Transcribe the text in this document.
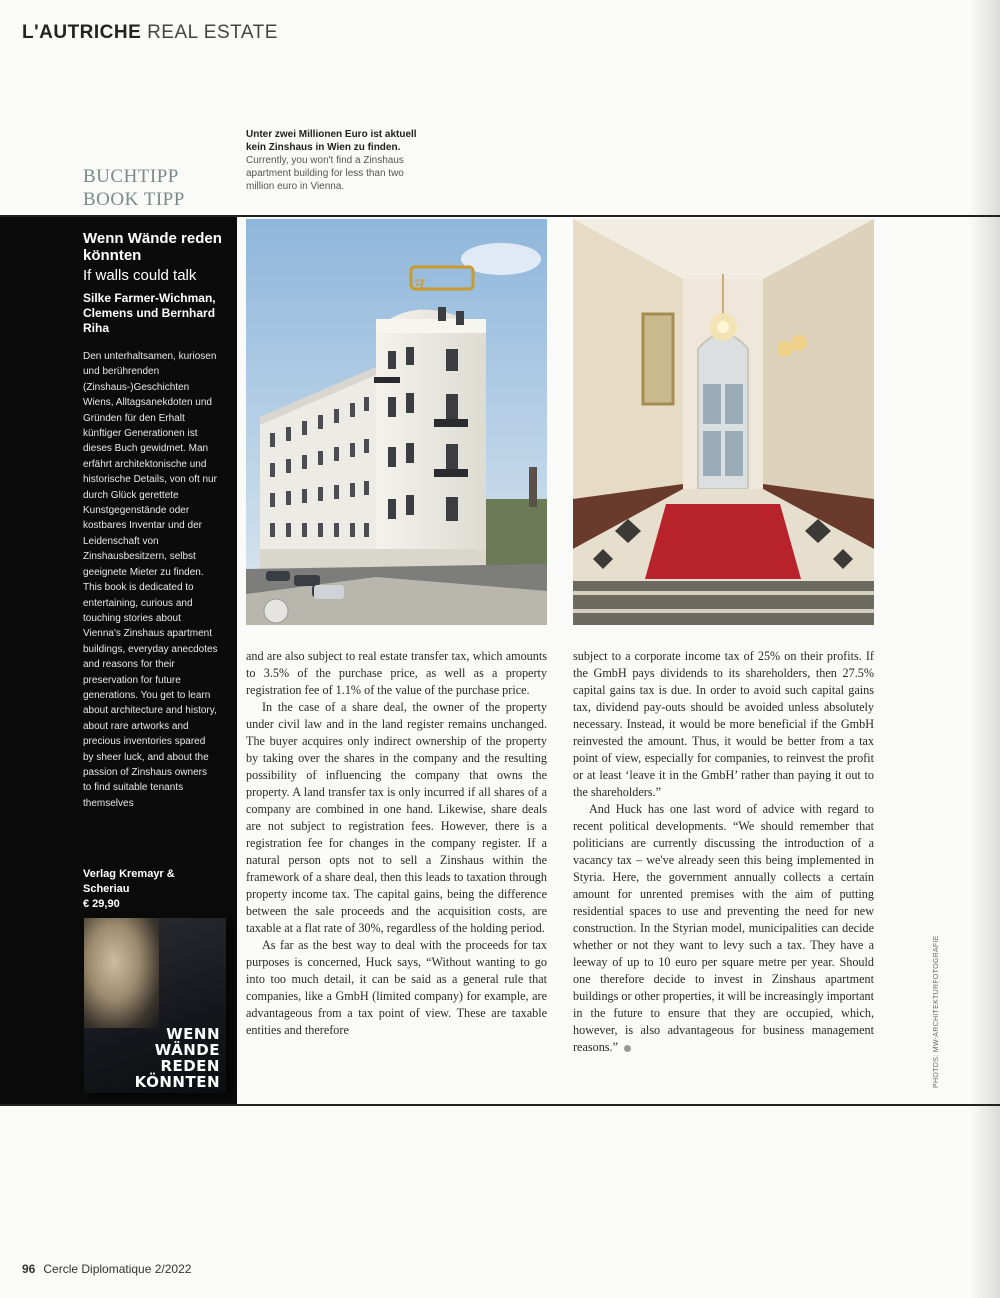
L'AUTRICHE REAL ESTATE
BUCHTIPP
BOOK TIPP
Unter zwei Millionen Euro ist aktuell kein Zinshaus in Wien zu finden.
Currently, you won't find a Zinshaus apartment building for less than two million euro in Vienna.
Wenn Wände reden könnten
If walls could talk
Silke Farmer-Wichman, Clemens und Bernhard Riha

Den unterhaltsamen, kuriosen und berührenden (Zinshaus-)Geschichten Wiens, Alltagsanekdoten und Gründen für den Erhalt künftiger Generationen ist dieses Buch gewidmet. Man erfährt architektonische und historische Details, von oft nur durch Glück gerettete Kunstgegenstände oder kostbares Inventar und der Leidenschaft von Zinshausbesitzern, selbst geeignete Mieter zu finden.

This book is dedicated to entertaining, curious and touching stories about Vienna's Zinshaus apartment buildings, everyday anecdotes and reasons for their preservation for future generations. You get to learn about architecture and history, about rare artworks and precious inventories spared by sheer luck, and about the passion of Zinshaus owners to find suitable tenants themselves

Verlag Kremayr & Scheriau
€ 29,90
WENN
WÄNDE
REDEN
KÖNNTEN
ꟻ

and are also subject to real estate transfer tax, which amounts to 3.5% of the purchase price, as well as a property registration fee of 1.1% of the value of the purchase price.

In the case of a share deal, the owner of the property under civil law and in the land register remains unchanged. The buyer acquires only indirect ownership of the property by taking over the shares in the company and the resulting possibility of influencing the company that owns the property. A land transfer tax is only incurred if all shares of a company are combined in one hand. Likewise, share deals are not subject to registration fees. However, there is a registration fee for changes in the company register. If a natural person opts not to sell a Zinshaus within the framework of a share deal, then this leads to taxation through property income tax. The capital gains, being the difference between the sale proceeds and the acquisition costs, are taxable at a flat rate of 30%, regardless of the holding period.

As far as the best way to deal with the proceeds for tax purposes is concerned, Huck says, “Without wanting to go into too much detail, it can be said as a general rule that companies, like a GmbH (limited company) for example, are advantageous from a tax point of view. These are taxable entities and therefore

subject to a corporate income tax of 25% on their profits. If the GmbH pays dividends to its shareholders, then 27.5% capital gains tax is due. In order to avoid such capital gains tax, dividend pay-outs should be avoided unless absolutely necessary. Instead, it would be more beneficial if the GmbH reinvested the amount. Thus, it would be better from a tax point of view, especially for companies, to reinvest the profit or at least ‘leave it in the GmbH’ rather than paying it out to the shareholders.”

And Huck has one last word of advice with regard to recent political developments. “We should remember that politicians are currently discussing the introduction of a vacancy tax – we've already seen this being implemented in Styria. Here, the government annually collects a certain amount for unrented premises with the aim of putting residential spaces to use and preventing the need for new construction. In the Styrian model, municipalities can decide whether or not they want to levy such a tax. They have a leeway of up to 10 euro per square metre per year. Should one therefore decide to invest in Zinshaus apartment buildings or other properties, it will be increasingly important in the future to ensure that they are occupied, which, however, is also advantageous for business management reasons.”	PHOTOS: MW-ARCHITEKTURFOTOGRAFIE
96 Cercle Diplomatique 2/2022
